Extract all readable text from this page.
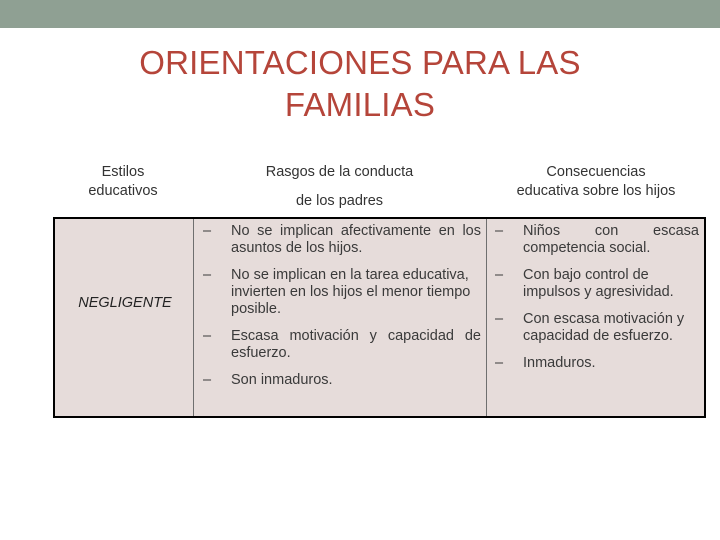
ORIENTACIONES PARA LAS
FAMILIAS
Estilos
educativos
Rasgos de la conducta
de los padres
Consecuencias
educativa sobre los hijos
NEGLIGENTE
– No se implican afectivamente en los asuntos de los hijos.
– No se implican en la tarea educativa, invierten en los hijos el menor tiempo posible.
– Escasa motivación y capacidad de esfuerzo.
– Son inmaduros.
– Niños con escasa competencia social.
– Con bajo control de impulsos y agresividad.
– Con escasa motivación y capacidad de esfuerzo.
– Inmaduros.
